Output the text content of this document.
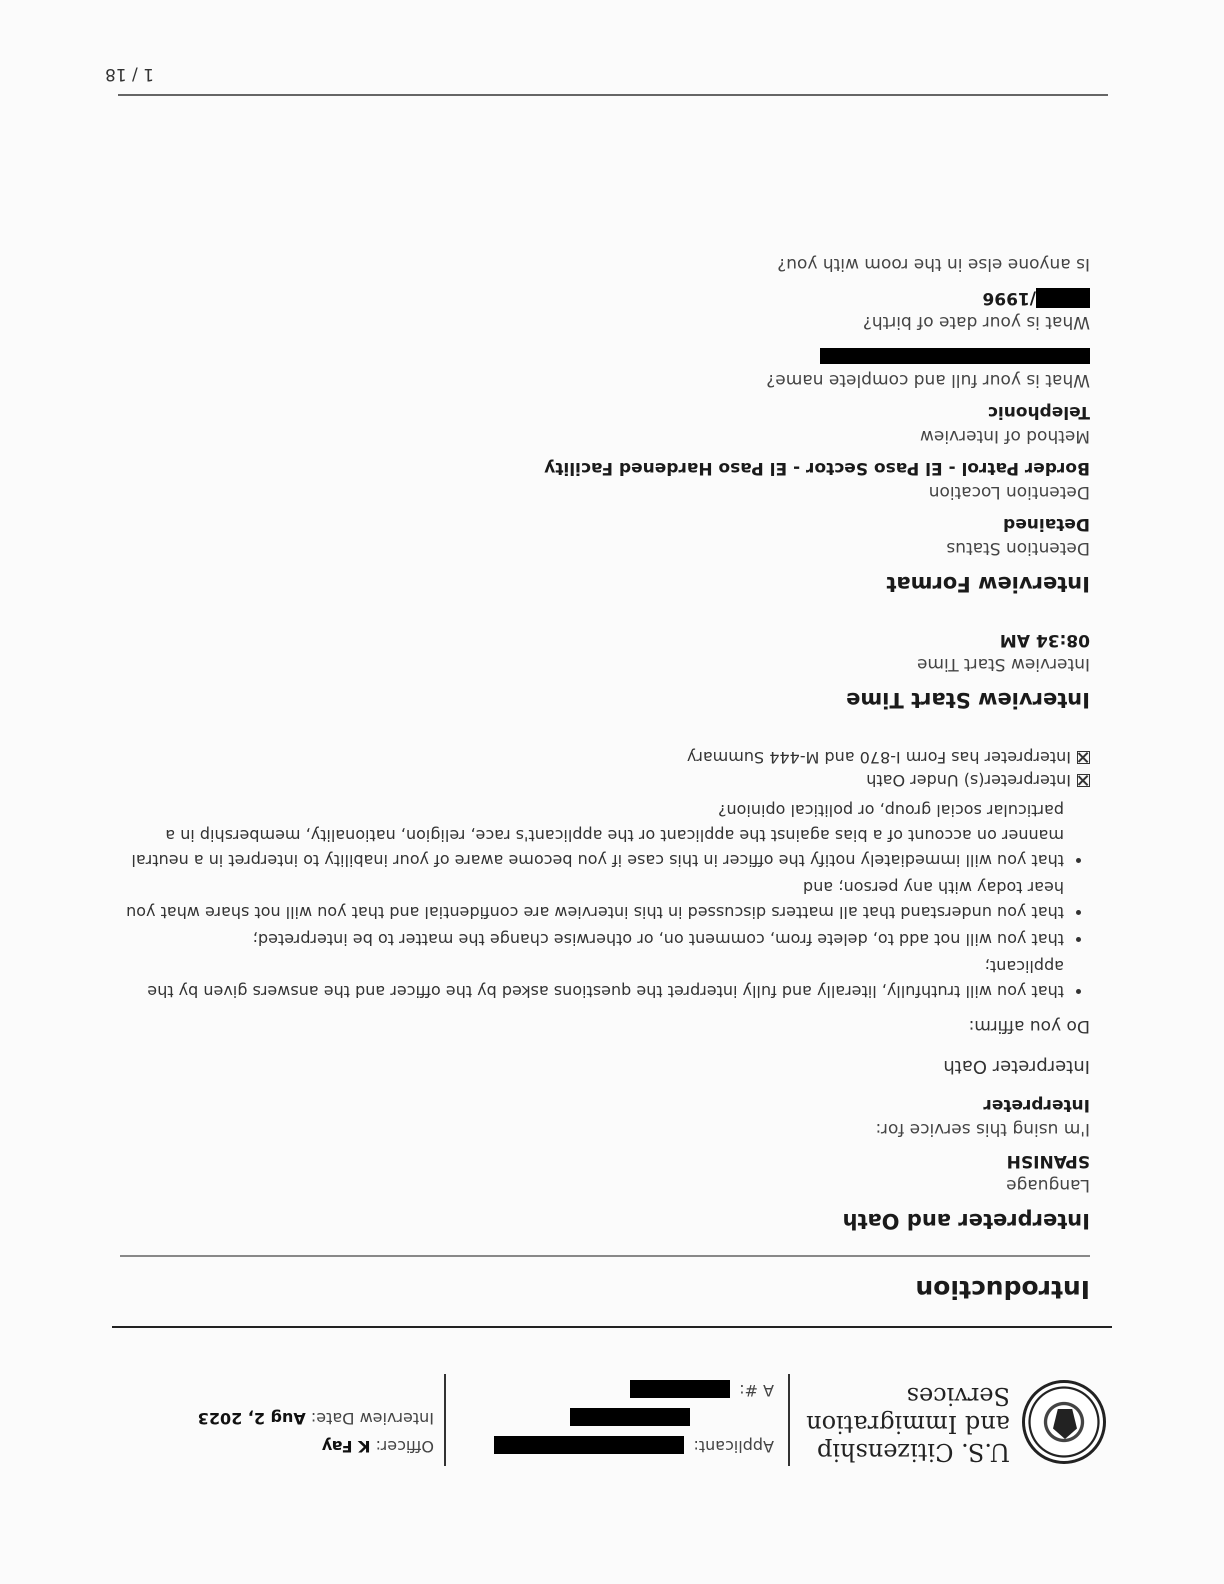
U.S. Citizenship
and Immigration
Services
Applicant:
A #:
Officer: K Fay
Interview Date: Aug 2, 2023
Introduction
Interpreter and Oath
Language
SPANISH
I'm using this service for:
Interpreter
Interpreter Oath
Do you affirm:
• that you will truthfully, literally and fully interpret the questions asked by the officer and the answers given by the applicant;
• that you will not add to, delete from, comment on, or otherwise change the matter to be interpreted;
• that you understand that all matters discussed in this interview are confidential and that you will not share what you hear today with any person; and
• that you will immediately notify the officer in this case if you become aware of your inability to interpret in a neutral manner on account of a bias against the applicant or the applicant's race, religion, nationality, membership in a particular social group, or political opinion?
Interpreter(s) Under Oath
Interpreter has Form I-870 and M-444 Summary
Interview Start Time
Interview Start Time
08:34 AM
Interview Format
Detention Status
Detained
Detention Location
Border Patrol - El Paso Sector - El Paso Hardened Facility
Method of Interview
Telephonic
What is your full and complete name?
What is your date of birth?
/1996
Is anyone else in the room with you?
1 / 18
